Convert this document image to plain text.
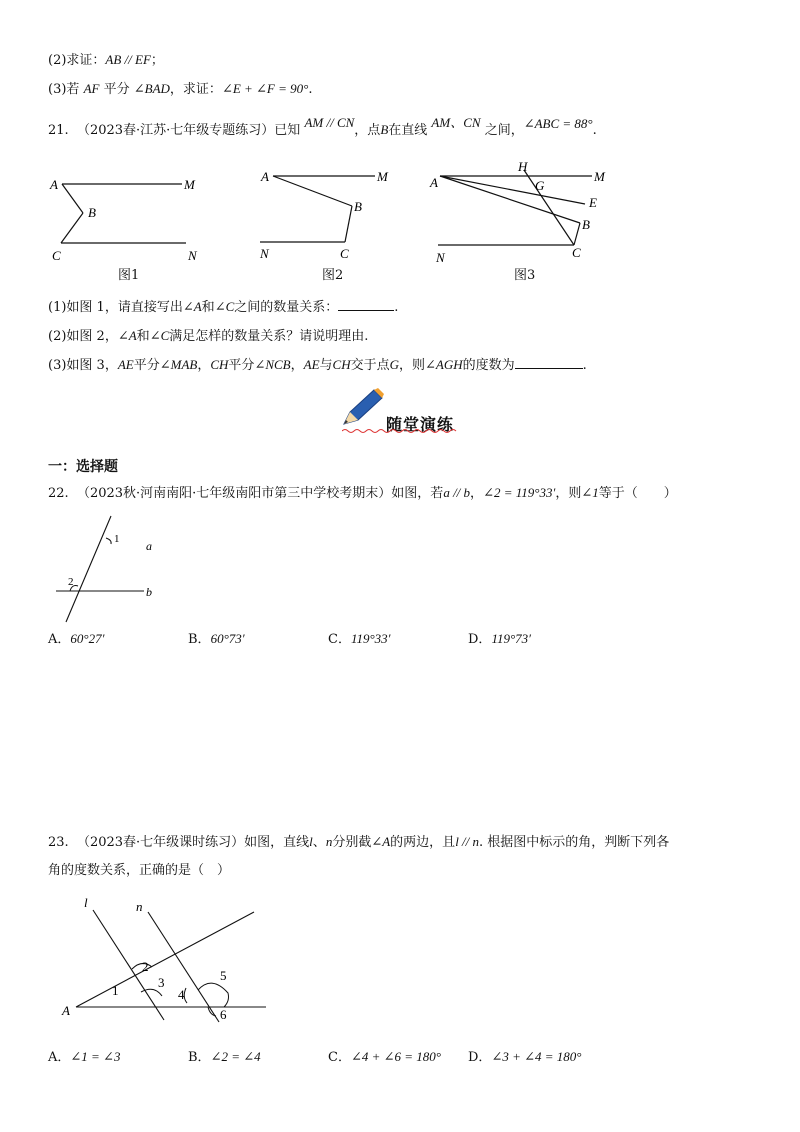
(2)求证：AB // EF；
(3)若 AF 平分 ∠BAD，求证：∠E + ∠F = 90°.
21. （2023春·江苏·七年级专题练习）已知 AM // CN，点B在直线 AM、CN 之间，∠ABC = 88°.
A	M
B
C	N
图1
A	M
B
N	C
图2
A
H
G
M
E
B
N	C
图3
(1)如图 1，请直接写出∠A和∠C之间的数量关系：	.
(2)如图 2，∠A和∠C满足怎样的数量关系？请说明理由.
(3)如图 3，AE平分∠MAB，CH平分∠NCB，AE与CH交于点G，则∠AGH的度数为	.
随堂演练
一：选择题
22. （2023秋·河南南阳·七年级南阳市第三中学校考期末）如图，若a // b，∠2 = 119°33′，则∠1等于（　　）
1
2
a
b
A．60°27′	B．60°73′	C．119°33′	D．119°73′
23. （2023春·七年级课时练习）如图，直线l、n分别截∠A的两边，且l // n. 根据图中标示的角，判断下列各
角的度数关系，正确的是（　）
l	n
A
1
2
3
4
5
6
A．∠1 = ∠3	B．∠2 = ∠4	C．∠4 + ∠6 = 180° D．∠3 + ∠4 = 180°
